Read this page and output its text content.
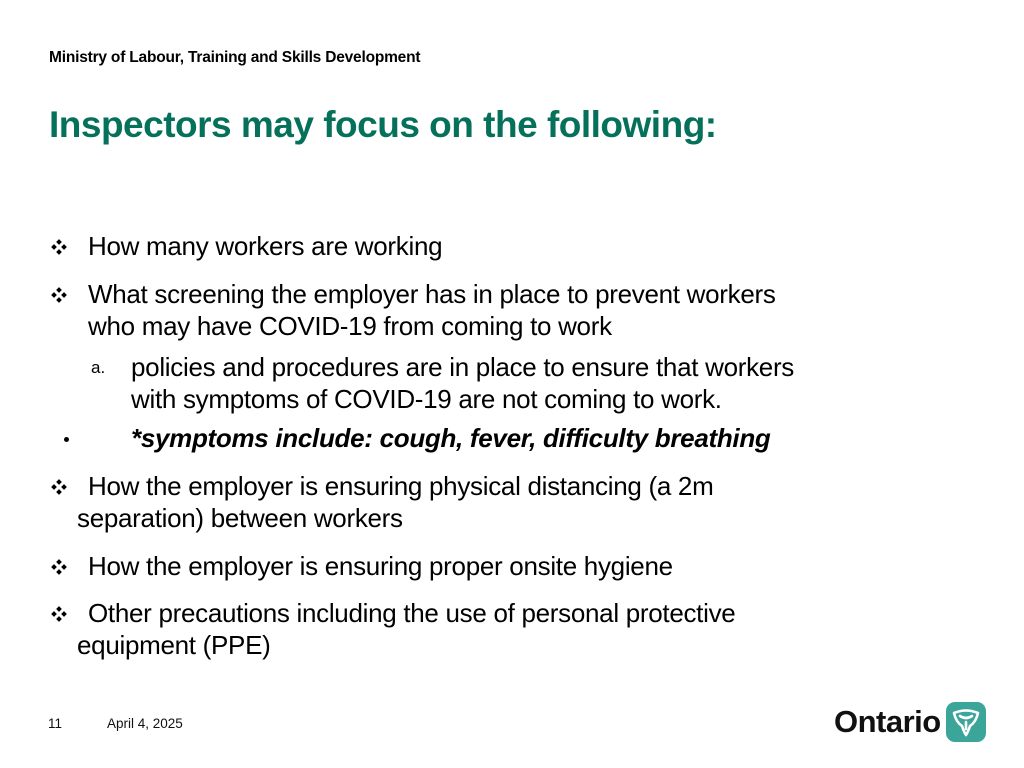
Ministry of Labour, Training and Skills Development
Inspectors may focus on the following:
How many workers are working
What screening the employer has in place to prevent workers
who may have COVID-19 from coming to work
a. policies and procedures are in place to ensure that workers
with symptoms of COVID-19 are not coming to work.
*symptoms include: cough, fever, difficulty breathing
How the employer is ensuring physical distancing (a 2m
separation) between workers
How the employer is ensuring proper onsite hygiene
Other precautions including the use of personal protective
equipment (PPE)
11	April 4, 2025	Ontario
